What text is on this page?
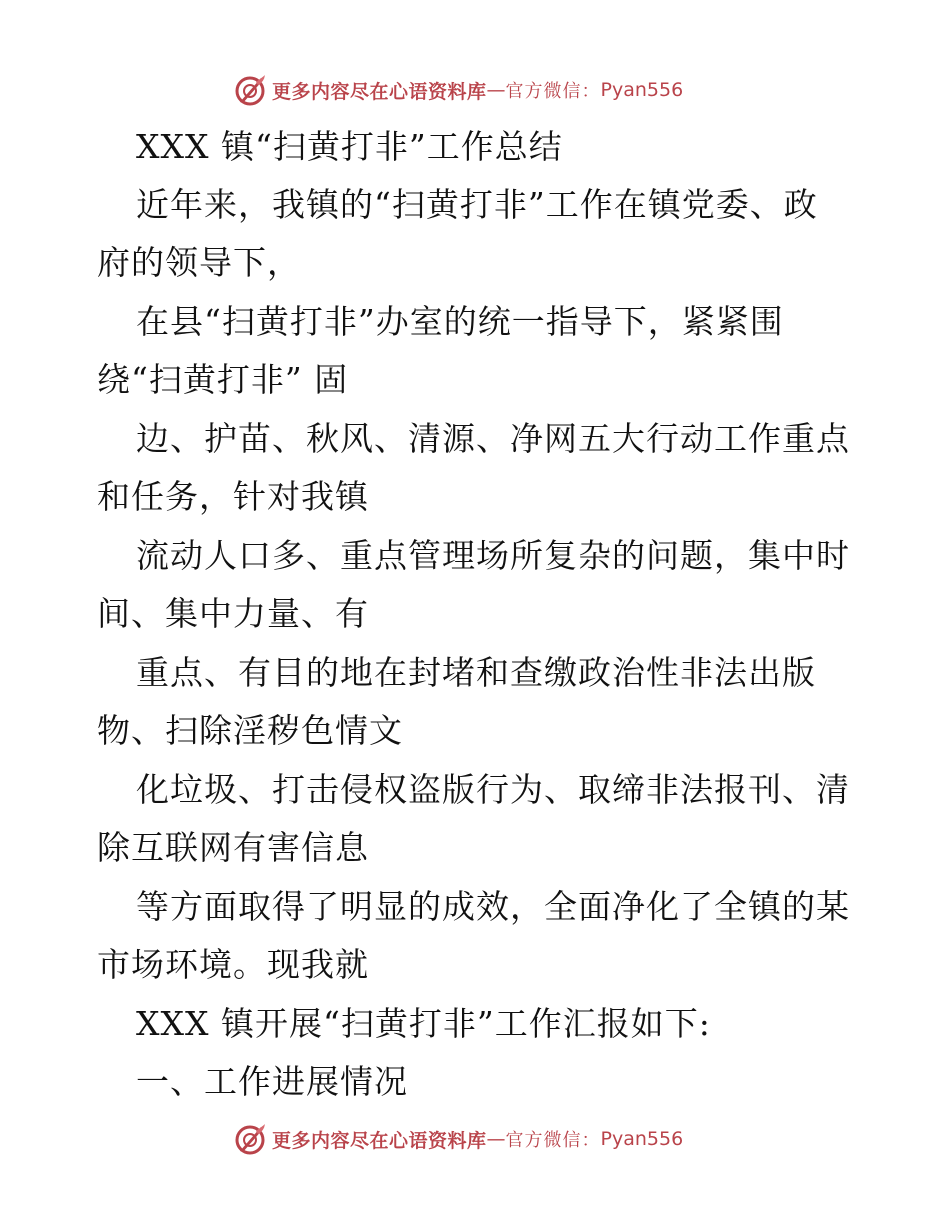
更多内容尽在心语资料库 — 官方微信： Pyan556
XXX 镇“扫黄打非”工作总结
近年来，我镇的“扫黄打非”工作在镇党委、政
府的领导下，
在县“扫黄打非”办室的统一指导下，紧紧围
绕“扫黄打非” 固
边、护苗、秋风、清源、净网五大行动工作重点
和任务，针对我镇
流动人口多、重点管理场所复杂的问题，集中时
间、集中力量、有
重点、有目的地在封堵和查缴政治性非法出版
物、扫除淫秽色情文
化垃圾、打击侵权盗版行为、取缔非法报刊、清
除互联网有害信息
等方面取得了明显的成效，全面净化了全镇的某
市场环境。现我就
XXX 镇开展“扫黄打非”工作汇报如下:
一、工作进展情况
更多内容尽在心语资料库 — 官方微信： Pyan556
